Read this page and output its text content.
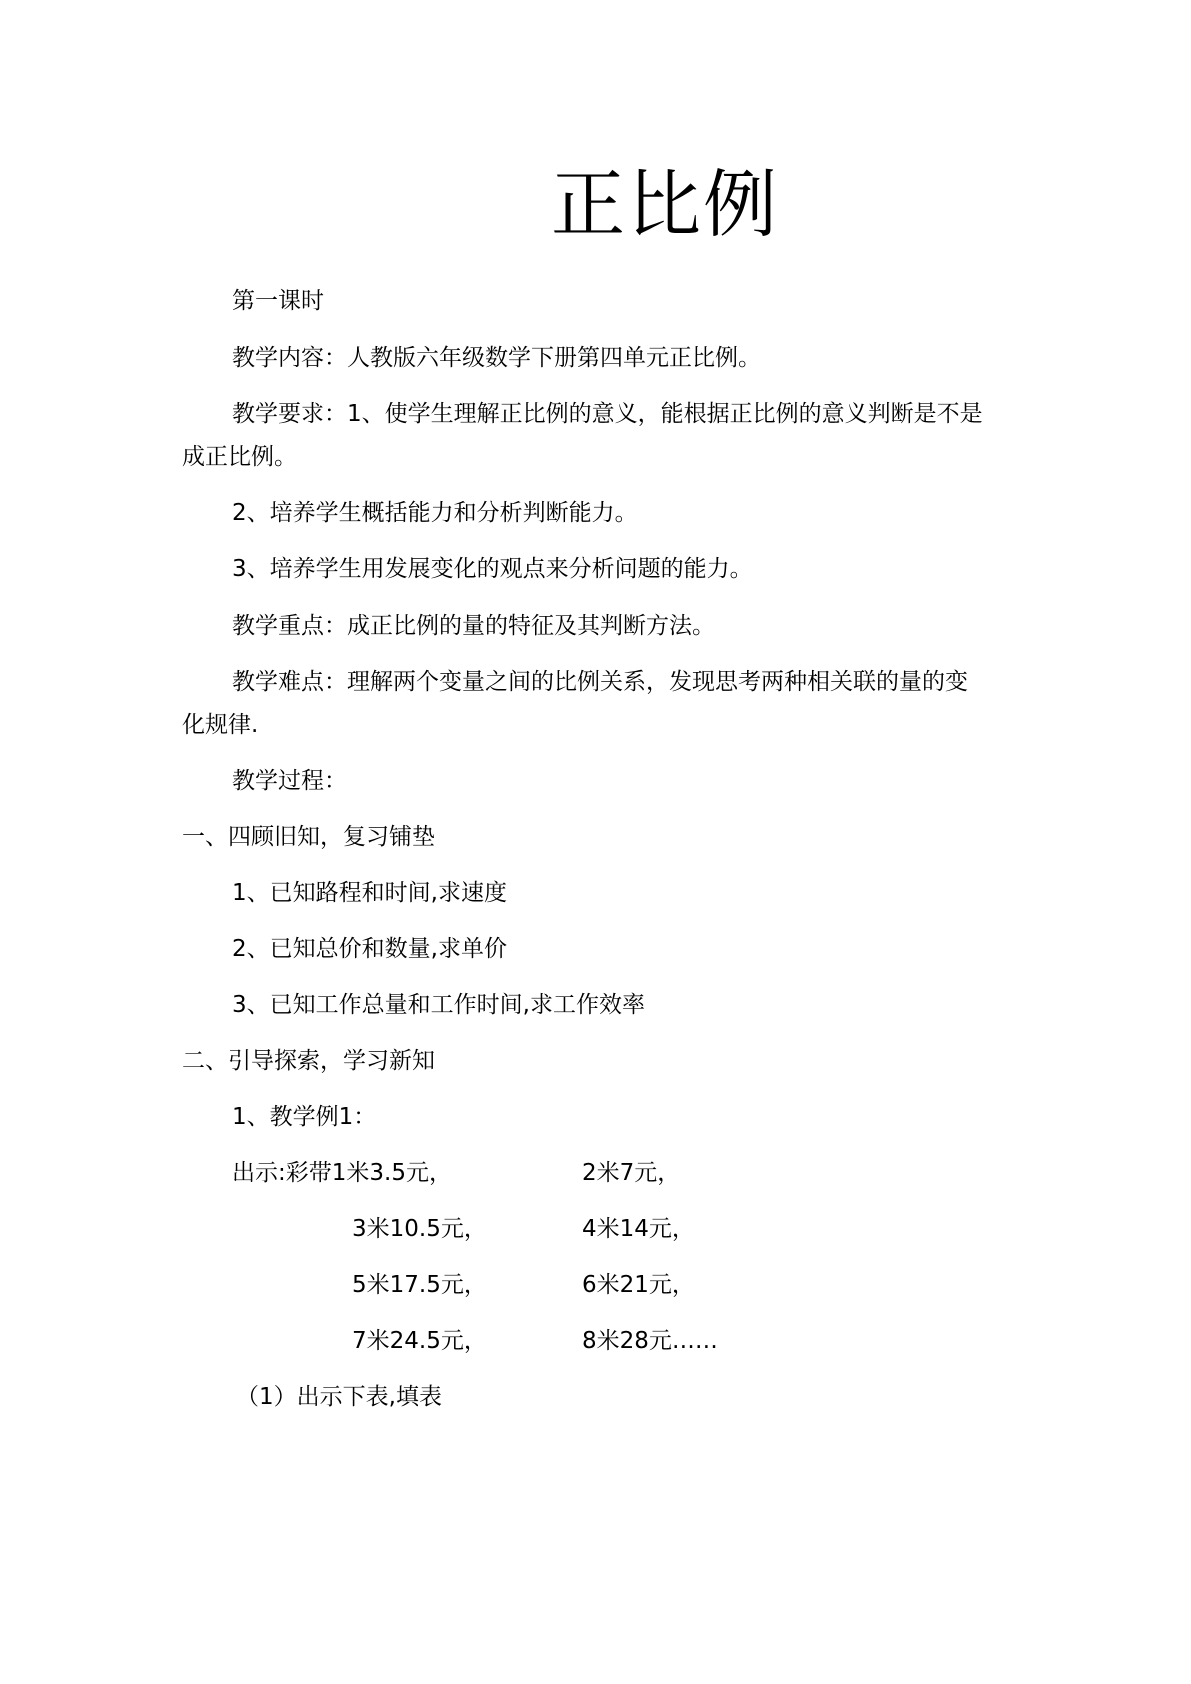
正比例
第一课时
教学内容：人教版六年级数学下册第四单元正比例。
教学要求：1、使学生理解正比例的意义，能根据正比例的意义判断是不是
成正比例。
2、培养学生概括能力和分析判断能力。
3、培养学生用发展变化的观点来分析问题的能力。
教学重点：成正比例的量的特征及其判断方法。
教学难点：理解两个变量之间的比例关系，发现思考两种相关联的量的变
化规律.
教学过程：
一、四顾旧知，复习铺垫
1、已知路程和时间,求速度
2、已知总价和数量,求单价
3、已知工作总量和工作时间,求工作效率
二、引导探索，学习新知
1、教学例1：
出示:彩带1米3.5元，	2米7元，
3米10.5元，	4米14元，
5米17.5元，	6米21元，
7米24.5元，	8米28元……
（1）出示下表,填表
